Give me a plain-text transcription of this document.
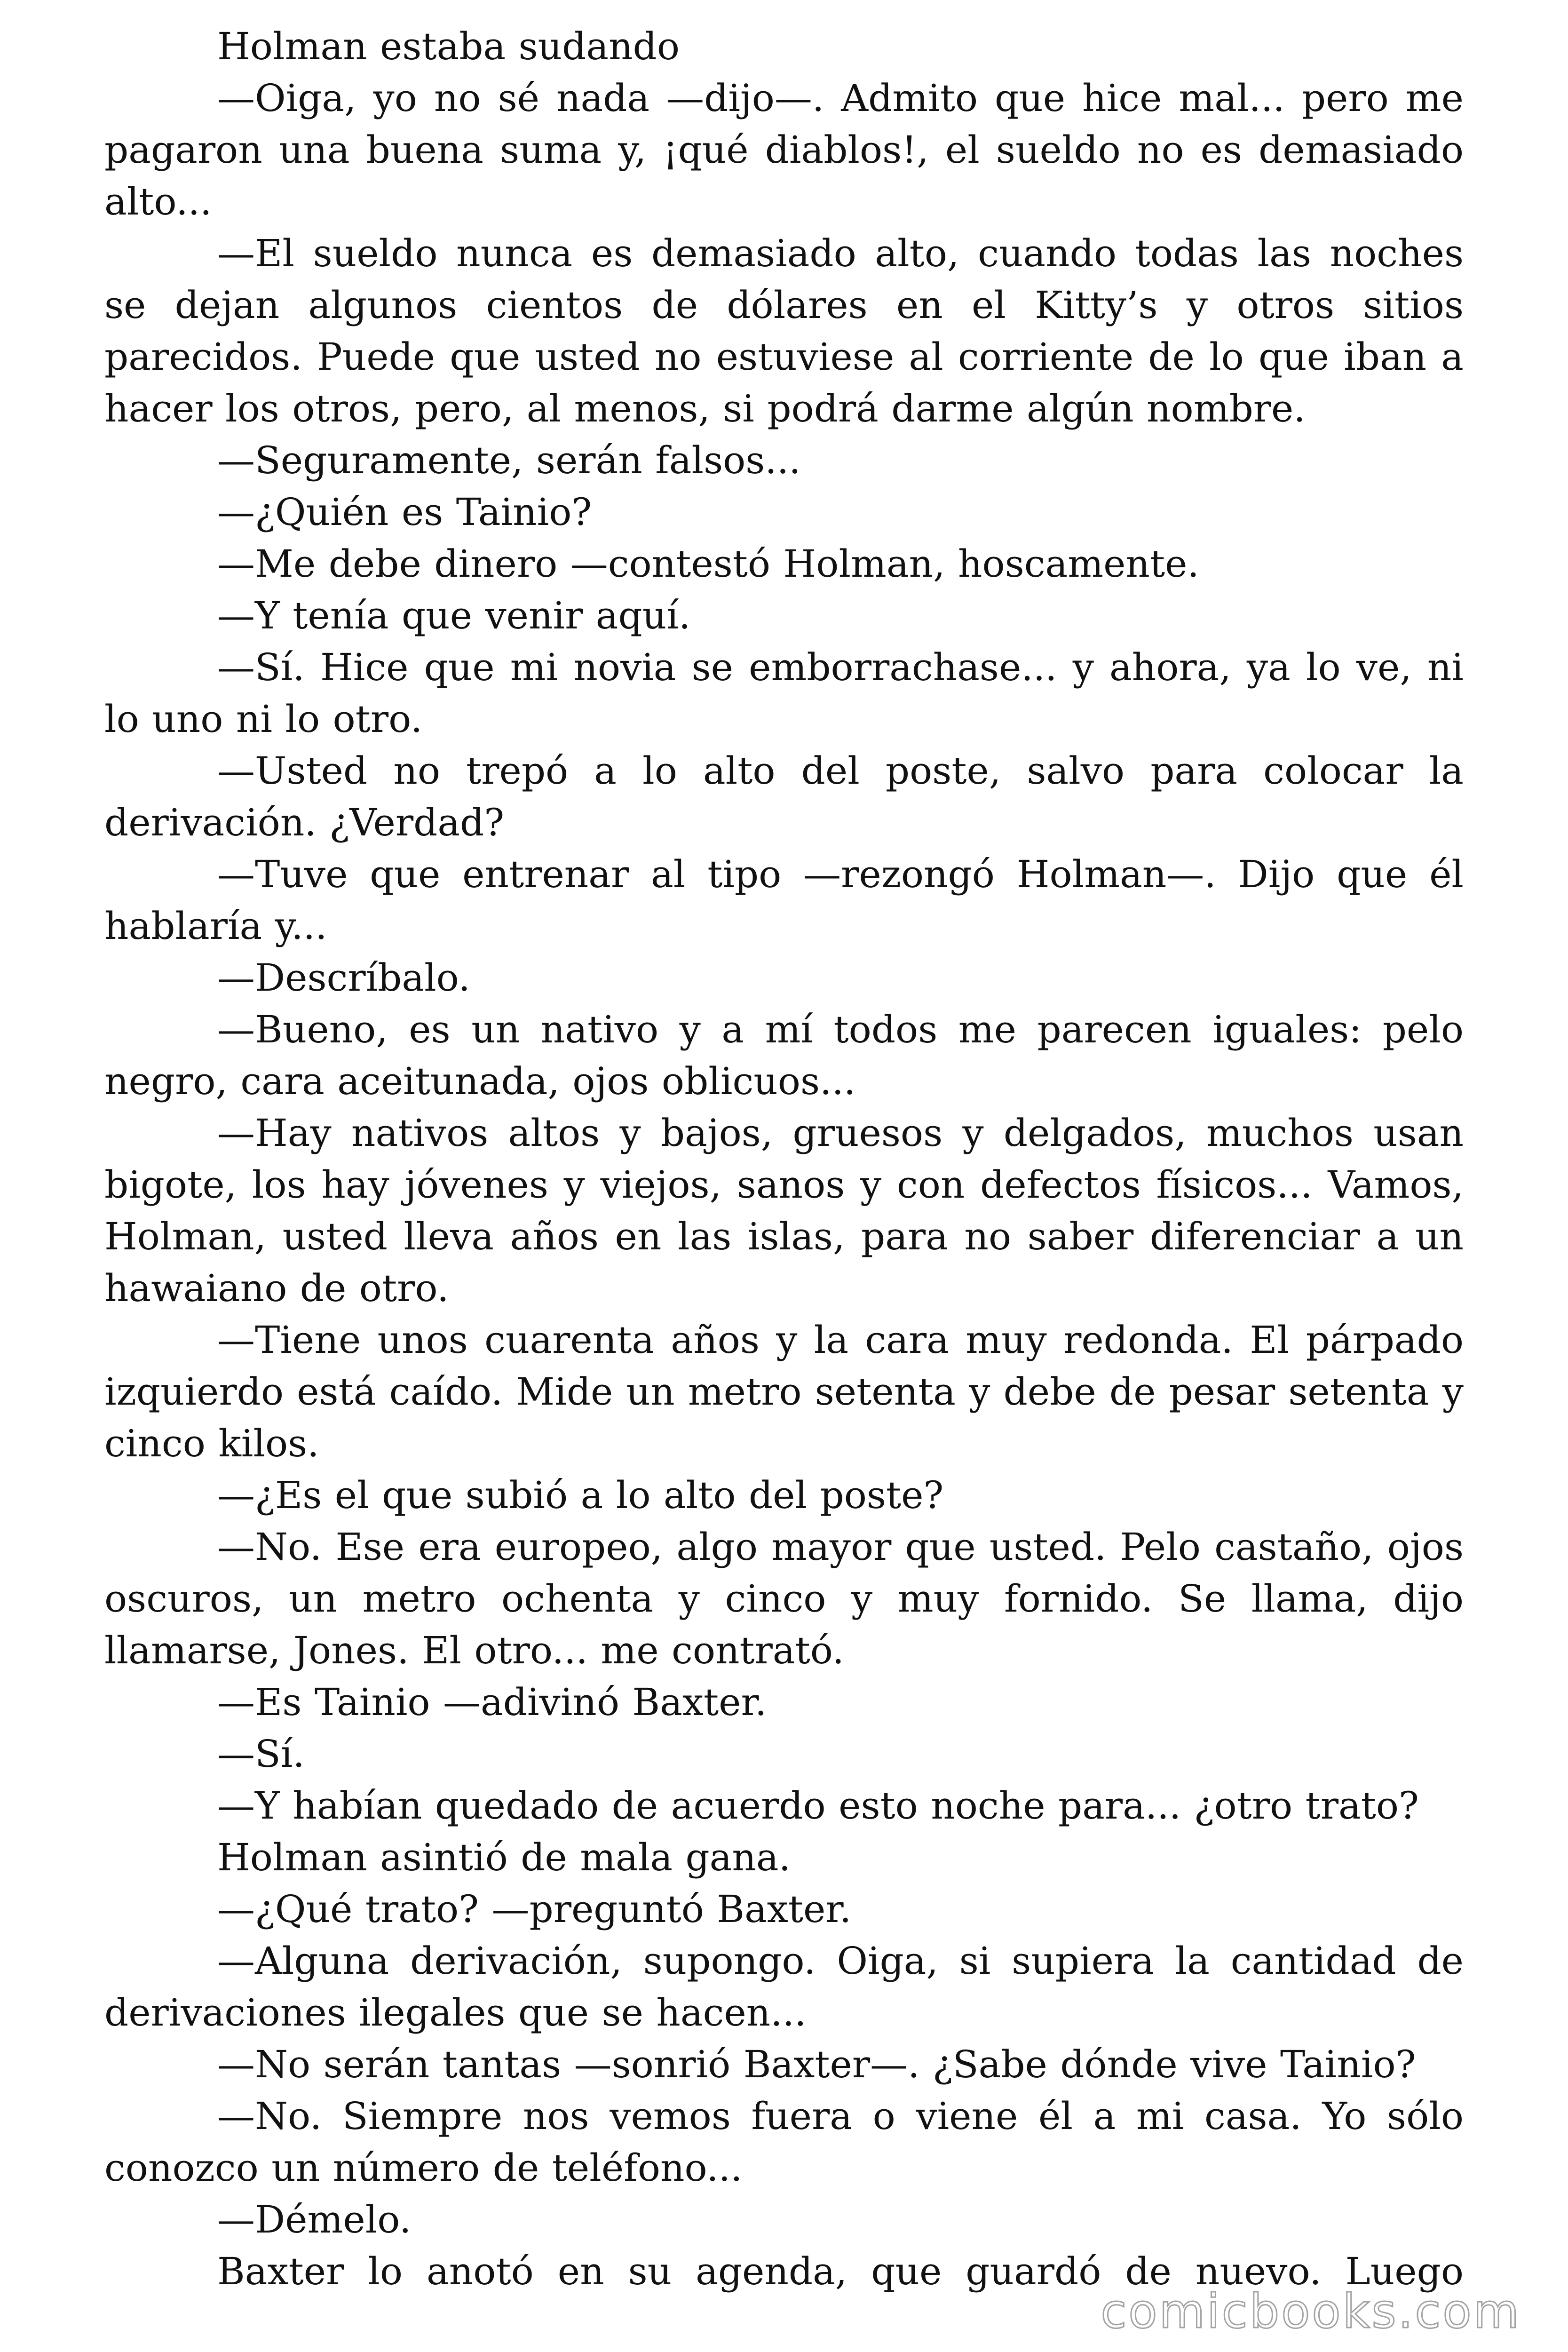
Holman estaba sudando

—Oiga, yo no sé nada —dijo—. Admito que hice mal... pero me pagaron una buena suma y, ¡qué diablos!, el sueldo no es demasiado alto...

—El sueldo nunca es demasiado alto, cuando todas las noches se dejan algunos cientos de dólares en el Kitty’s y otros sitios parecidos. Puede que usted no estuviese al corriente de lo que iban a hacer los otros, pero, al menos, si podrá darme algún nombre.

—Seguramente, serán falsos...

—¿Quién es Tainio?

—Me debe dinero —contestó Holman, hoscamente.

—Y tenía que venir aquí.

—Sí. Hice que mi novia se emborrachase... y ahora, ya lo ve, ni lo uno ni lo otro.

—Usted no trepó a lo alto del poste, salvo para colocar la derivación. ¿Verdad?

—Tuve que entrenar al tipo —rezongó Holman—. Dijo que él hablaría y...

—Descríbalo.

—Bueno, es un nativo y a mí todos me parecen iguales: pelo negro, cara aceitunada, ojos oblicuos...

—Hay nativos altos y bajos, gruesos y delgados, muchos usan bigote, los hay jóvenes y viejos, sanos y con defectos físicos... Vamos, Holman, usted lleva años en las islas, para no saber diferenciar a un hawaiano de otro.

—Tiene unos cuarenta años y la cara muy redonda. El párpado izquierdo está caído. Mide un metro setenta y debe de pesar setenta y cinco kilos.

—¿Es el que subió a lo alto del poste?

—No. Ese era europeo, algo mayor que usted. Pelo castaño, ojos oscuros, un metro ochenta y cinco y muy fornido. Se llama, dijo llamarse, Jones. El otro... me contrató.

—Es Tainio —adivinó Baxter.

—Sí.

—Y habían quedado de acuerdo esto noche para... ¿otro trato?

Holman asintió de mala gana.

—¿Qué trato? —preguntó Baxter.

—Alguna derivación, supongo. Oiga, si supiera la cantidad de derivaciones ilegales que se hacen...

—No serán tantas —sonrió Baxter—. ¿Sabe dónde vive Tainio?

—No. Siempre nos vemos fuera o viene él a mi casa. Yo sólo conozco un número de teléfono...

—Démelo.

Baxter lo anotó en su agenda, que guardó de nuevo. Luego

comicbooks.com
